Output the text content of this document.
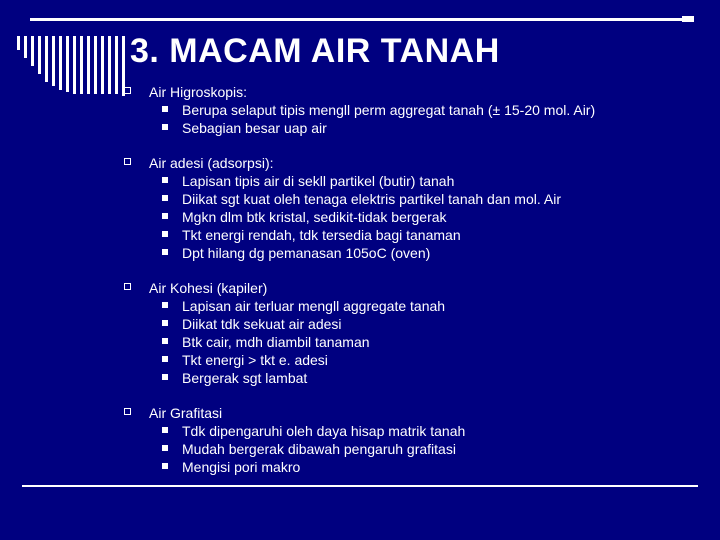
3. MACAM AIR TANAH
Air Higroskopis:
Berupa selaput tipis mengll perm aggregat tanah (± 15-20 mol. Air)
Sebagian besar uap air
Air adesi (adsorpsi):
Lapisan tipis air di sekll partikel (butir) tanah
Diikat sgt kuat oleh tenaga elektris partikel tanah dan mol. Air
Mgkn dlm btk kristal, sedikit-tidak bergerak
Tkt energi rendah, tdk tersedia bagi tanaman
Dpt hilang dg pemanasan 105oC (oven)
Air Kohesi (kapiler)
Lapisan air terluar mengll aggregate tanah
Diikat tdk sekuat air adesi
Btk cair, mdh diambil tanaman
Tkt energi > tkt e. adesi
Bergerak sgt lambat
Air Grafitasi
Tdk dipengaruhi oleh daya hisap matrik tanah
Mudah bergerak dibawah pengaruh grafitasi
Mengisi pori makro
